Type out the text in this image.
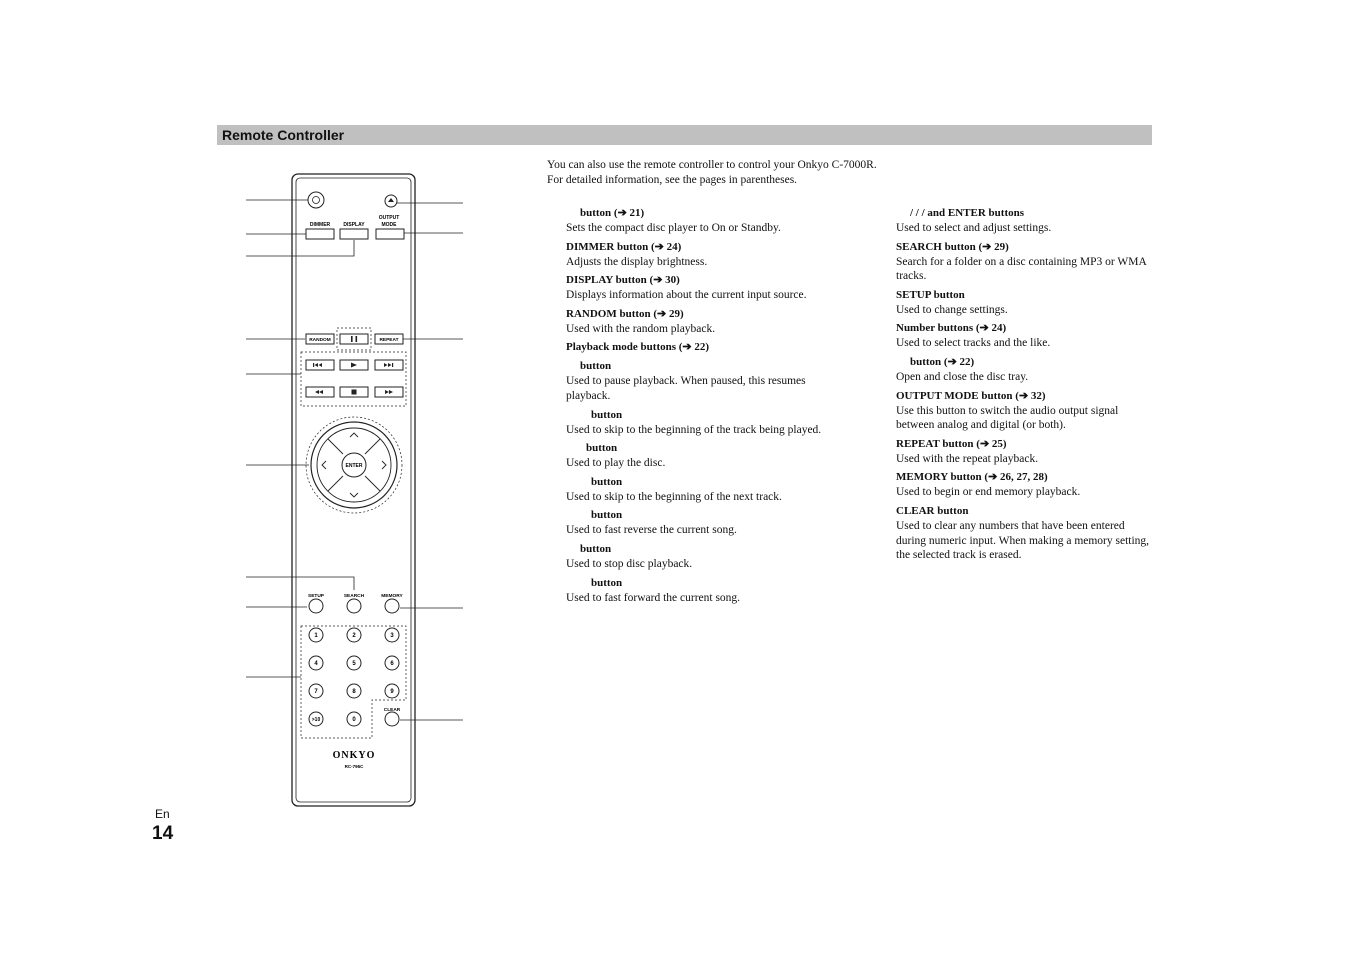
Remote Controller
You can also use the remote controller to control your Onkyo C-7000R.
For detailed information, see the pages in parentheses.
DIMMER	DISPLAY
OUTPUT
MODE
RANDOM	REPEAT
ENTER
SETUP	SEARCH	MEMORY
1	2	3
4	5	6
7	8	9
>10	0
CLEAR
ONKYO
RC-796C
button (➔ 21)
Sets the compact disc player to On or Standby.
DIMMER button (➔ 24)
Adjusts the display brightness.
DISPLAY button (➔ 30)
Displays information about the current input source.
RANDOM button (➔ 29)
Used with the random playback.
Playback mode buttons (➔ 22)
button
Used to pause playback. When paused, this resumes playback.
button
Used to skip to the beginning of the track being played.
button
Used to play the disc.
button
Used to skip to the beginning of the next track.
button
Used to fast reverse the current song.
button
Used to stop disc playback.
button
Used to fast forward the current song.
/ / / and ENTER buttons
Used to select and adjust settings.
SEARCH button (➔ 29)
Search for a folder on a disc containing MP3 or WMA tracks.
SETUP button
Used to change settings.
Number buttons (➔ 24)
Used to select tracks and the like.
button (➔ 22)
Open and close the disc tray.
OUTPUT MODE button (➔ 32)
Use this button to switch the audio output signal between analog and digital (or both).
REPEAT button (➔ 25)
Used with the repeat playback.
MEMORY button (➔ 26, 27, 28)
Used to begin or end memory playback.
CLEAR button
Used to clear any numbers that have been entered during numeric input. When making a memory setting, the selected track is erased.
En
14
